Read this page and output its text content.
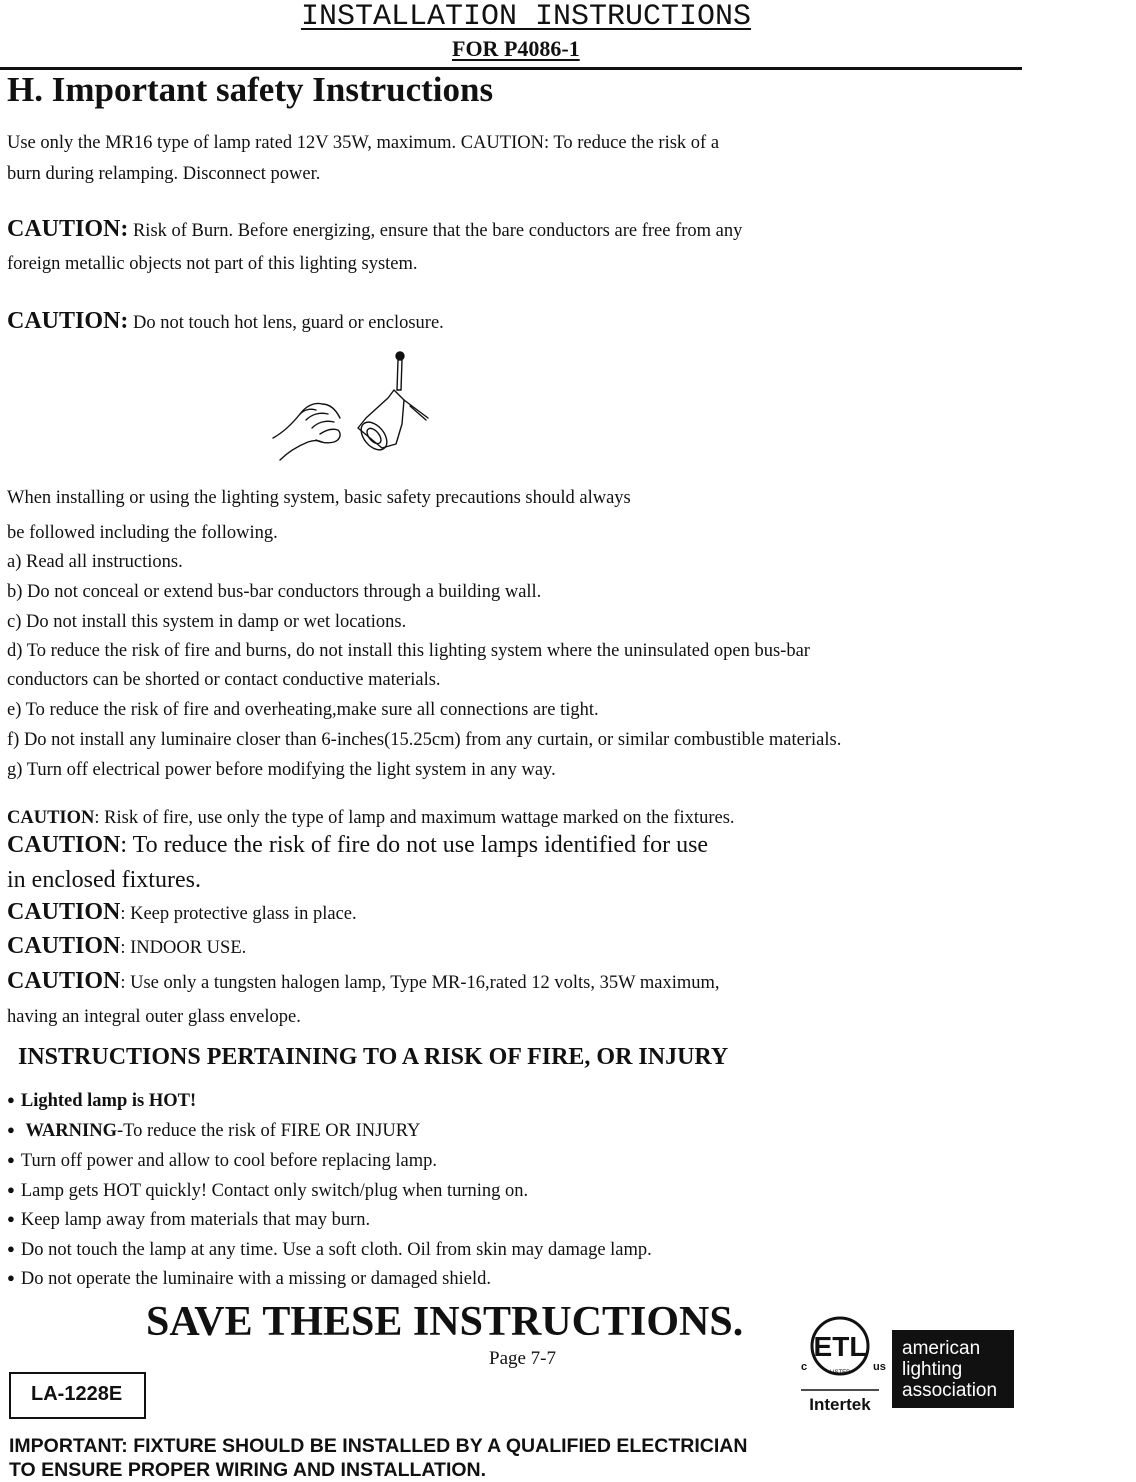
INSTALLATION INSTRUCTIONS
FOR P4086-1
H. Important safety Instructions
Use only the MR16 type of lamp rated 12V 35W, maximum. CAUTION: To reduce the risk of a
burn during relamping. Disconnect power.
CAUTION: Risk of Burn. Before energizing, ensure that the bare conductors are free from any
foreign metallic objects not part of this lighting system.
CAUTION: Do not touch hot lens, guard or enclosure.
When installing or using the lighting system, basic safety precautions should always
be followed including the following.
a) Read all instructions.
b) Do not conceal or extend bus-bar conductors through a building wall.
c) Do not install this system in damp or wet locations.
d) To reduce the risk of fire and burns, do not install this lighting system where the uninsulated open bus-bar
conductors can be shorted or contact conductive materials.
e) To reduce the risk of fire and overheating,make sure all connections are tight.
f) Do not install any luminaire closer than 6-inches(15.25cm) from any curtain, or similar combustible materials.
g) Turn off electrical power before modifying the light system in any way.
CAUTION: Risk of fire, use only the type of lamp and maximum wattage marked on the fixtures.
CAUTION: To reduce the risk of fire do not use lamps identified for use
in enclosed fixtures.
CAUTION: Keep protective glass in place.
CAUTION: INDOOR USE.
CAUTION: Use only a tungsten halogen lamp, Type MR-16,rated 12 volts, 35W maximum,
having an integral outer glass envelope.
INSTRUCTIONS PERTAINING TO A RISK OF FIRE, OR INJURY
● Lighted lamp is HOT!
● WARNING-To reduce the risk of FIRE OR INJURY
● Turn off power and allow to cool before replacing lamp.
● Lamp gets HOT quickly! Contact only switch/plug when turning on.
● Keep lamp away from materials that may burn.
● Do not touch the lamp at any time. Use a soft cloth. Oil from skin may damage lamp.
● Do not operate the luminaire with a missing or damaged shield.
SAVE THESE INSTRUCTIONS.
Page 7-7
LA-1228E
IMPORTANT: FIXTURE SHOULD BE INSTALLED BY A QUALIFIED ELECTRICIAN
TO ENSURE PROPER WIRING AND INSTALLATION.
ETL
c	us
LISTED
Intertek
american
lighting
association
